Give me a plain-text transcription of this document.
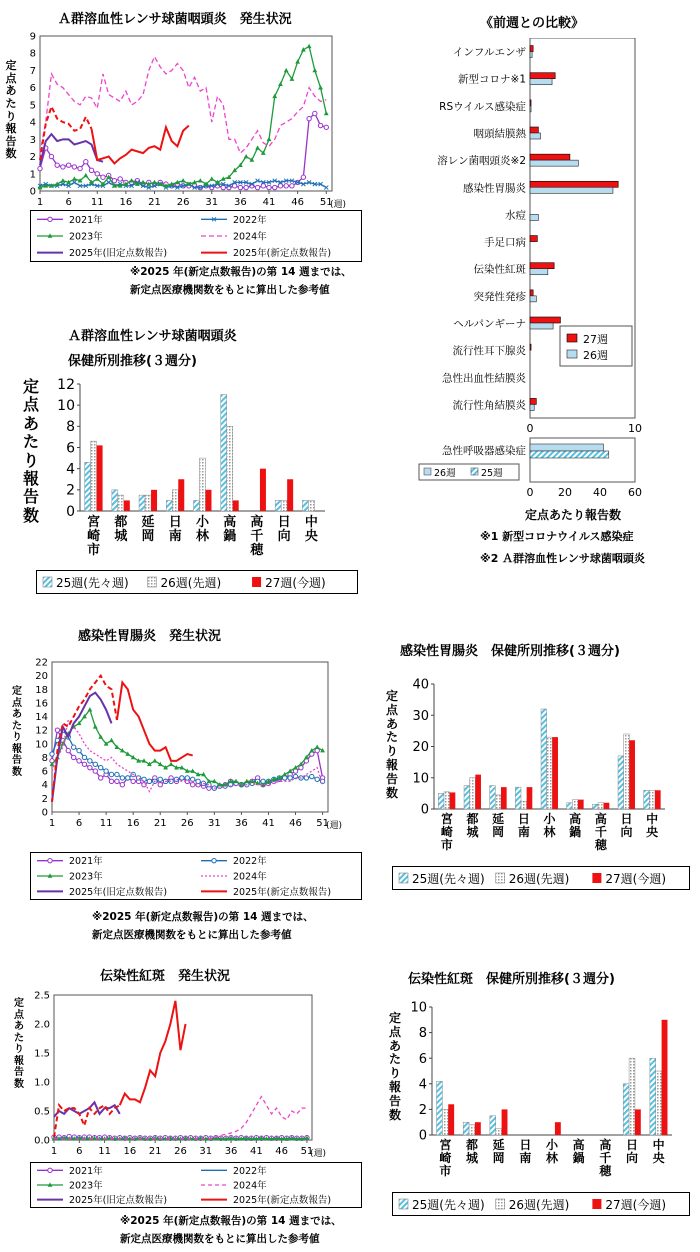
Ａ群溶血性レンサ球菌咽頭炎　発生状況
定点あたり報告数
0
1
2
3
4
5
6
7
8
9
1 6 11 16 21 26 31 36 41 46 51
(週)
2021年	2022年
2023年	2024年
2025年(旧定点数報告)	2025年(新定点数報告)
※2025 年(新定点数報告)の第 14 週までは、
新定点医療機関数をもとに算出した参考値
Ａ群溶血性レンサ球菌咽頭炎
保健所別推移(３週分)
定点あたり報告数 0
2
4
6
8
10
12
宮
崎
市
都
城
延
岡
日
南
小
林
高
鍋
高
千
穂
日
向
中
央
25週(先々週)	26週(先週)	27週(今週)
《前週との比較》
インフルエンザ
新型コロナ※1
RSウイルス感染症
咽頭結膜熱
溶レン菌咽頭炎※2
感染性胃腸炎
水痘
手足口病
伝染性紅斑
突発性発疹
ヘルパンギーナ
流行性耳下腺炎
急性出血性結膜炎
流行性角結膜炎
0	10
27週
26週
急性呼吸器感染症
0 20 40 60
26週	25週
定点あたり報告数
※1 新型コロナウイルス感染症
※2 Ａ群溶血性レンサ球菌咽頭炎
感染性胃腸炎　発生状況
定点あたり報告数
0
2
4
6
8
10
12
14
16
18
20
22
1 6 11 16 21 26 31 36 41 46 51
(週)
2021年	2022年
2023年	2024年
2025年(旧定点数報告)	2025年(新定点数報告)
※2025 年(新定点数報告)の第 14 週までは、
新定点医療機関数をもとに算出した参考値
感染性胃腸炎　保健所別推移(３週分)
定点あたり報告数
0
10
20
30
40
宮
崎
市
都
城
延
岡
日
南
小
林
高
鍋
高
千
穂
日
向
中
央
25週(先々週) 26週(先週)	27週(今週)
伝染性紅斑　発生状況
定点あたり報告数
0.0
0.5
1.0
1.5
2.0
2.5
1 6 11 16 21 26 31 36 41 46 51
(週)
2021年	2022年
2023年	2024年
2025年(旧定点数報告)	2025年(新定点数報告)
※2025 年(新定点数報告)の第 14 週までは、
新定点医療機関数をもとに算出した参考値
伝染性紅斑　保健所別推移(３週分)
定点あたり報告数
0
2
4
6
8
10
宮
崎
市
都
城
延
岡
日
南
小
林
高
鍋
高
千
穂
日
向
中
央
25週(先々週) 26週(先週)	27週(今週)
